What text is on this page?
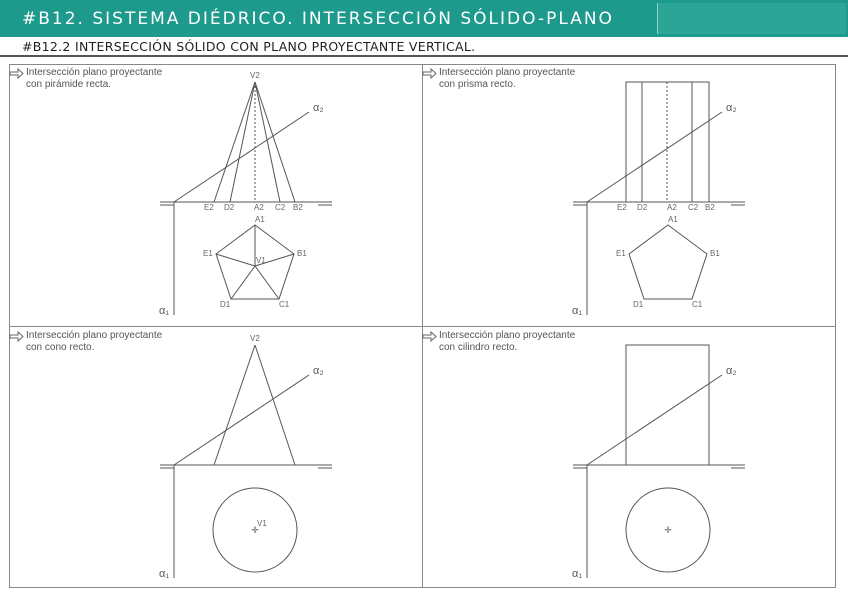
#B12. SISTEMA DIÉDRICO. INTERSECCIÓN SÓLIDO-PLANO
#B12.2 INTERSECCIÓN SÓLIDO CON PLANO PROYECTANTE VERTICAL.
Intersección plano proyectante
con pirámide recta.
α₂
α₁
V2
E2 D2 A2 C2 B2
A1
B1
C1
D1
E1
V1
Intersección plano proyectante
con prisma recto.
α₂
α₁
E2 D2 A2 C2 B2
A1
B1
C1
D1
E1
✛
Intersección plano proyectante
con cono recto.
α₂
α₁
V2
V1
✛
Intersección plano proyectante
con cilindro recto.
α₂
α₁
